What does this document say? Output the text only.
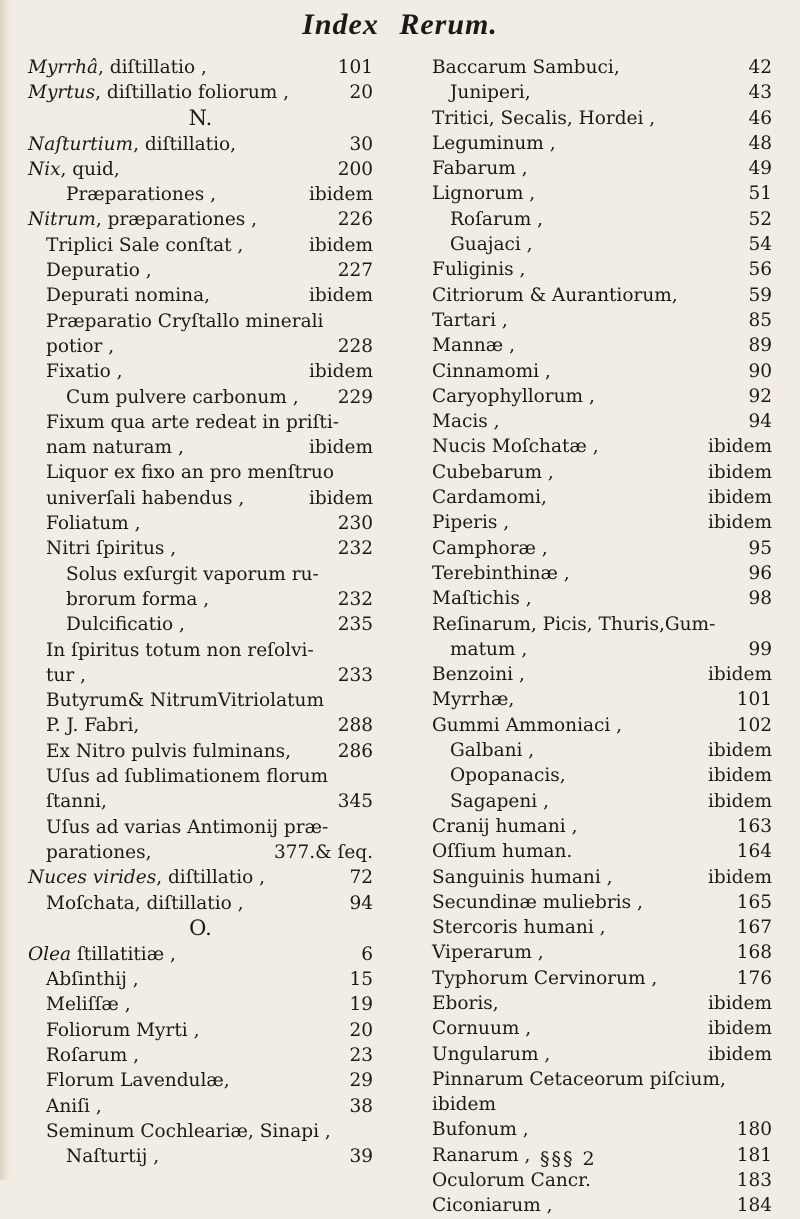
Index Rerum.
Myrrhâ, diſtillatio ,	101
Myrtus, diſtillatio foliorum ,	20
N.
Naſturtium, diſtillatio,	30
Nix, quid,	200
Præparationes ,	ibidem
Nitrum, præparationes ,	226
Triplici Sale conſtat ,	ibidem
Depuratio ,	227
Depurati nomina,	ibidem
Præparatio Cryſtallo minerali
potior ,	228
Fixatio ,	ibidem
Cum pulvere carbonum , 229
Fixum qua arte redeat in priſti-
nam naturam ,	ibidem
Liquor ex fixo an pro menſtruo
univerſali habendus ,	ibidem
Foliatum ,	230
Nitri ſpiritus ,	232
Solus exſurgit vaporum ru-
brorum forma ,	232
Dulcificatio ,	235
In ſpiritus totum non reſolvi-
tur ,	233
Butyrum& NitrumVitriolatum
P. J. Fabri,	288
Ex Nitro pulvis fulminans,	286
Uſus ad ſublimationem florum
ſtanni,	345
Uſus ad varias Antimonij præ-
parationes,	377.& ſeq.
Nuces virides, diſtillatio ,	72
Moſchata, diſtillatio ,	94
O.
Olea ſtillatitiæ ,	6
Abſinthij ,	15
Meliſſæ ,	19
Foliorum Myrti ,	20
Roſarum ,	23
Florum Lavendulæ,	29
Aniſi ,	38
Seminum Cochleariæ, Sinapi ,
Naſturtij ,	39
Baccarum Sambuci,	42
Juniperi,	43
Tritici, Secalis, Hordei ,	46
Leguminum ,	48
Fabarum ,	49
Lignorum ,	51
Roſarum ,	52
Guajaci ,	54
Fuliginis ,	56
Citriorum & Aurantiorum,	59
Tartari ,	85
Mannæ ,	89
Cinnamomi ,	90
Caryophyllorum ,	92
Macis ,	94
Nucis Moſchatæ ,	ibidem
Cubebarum ,	ibidem
Cardamomi,	ibidem
Piperis ,	ibidem
Camphoræ ,	95
Terebinthinæ ,	96
Maſtichis ,	98
Reſinarum, Picis, Thuris,Gum-
matum ,	99
Benzoini ,	ibidem
Myrrhæ,	101
Gummi Ammoniaci ,	102
Galbani ,	ibidem
Opopanacis,	ibidem
Sagapeni ,	ibidem
Cranij humani ,	163
Oſſium human.	164
Sanguinis humani ,	ibidem
Secundinæ muliebris ,	165
Stercoris humani ,	167
Viperarum ,	168
Typhorum Cervinorum ,	176
Eboris,	ibidem
Cornuum ,	ibidem
Ungularum ,	ibidem
Pinnarum Cetaceorum piſcium,
ibidem
Bufonum ,	180
Ranarum ,	181
Oculorum Cancr.	183
Ciconiarum ,	184
§§§ 2
